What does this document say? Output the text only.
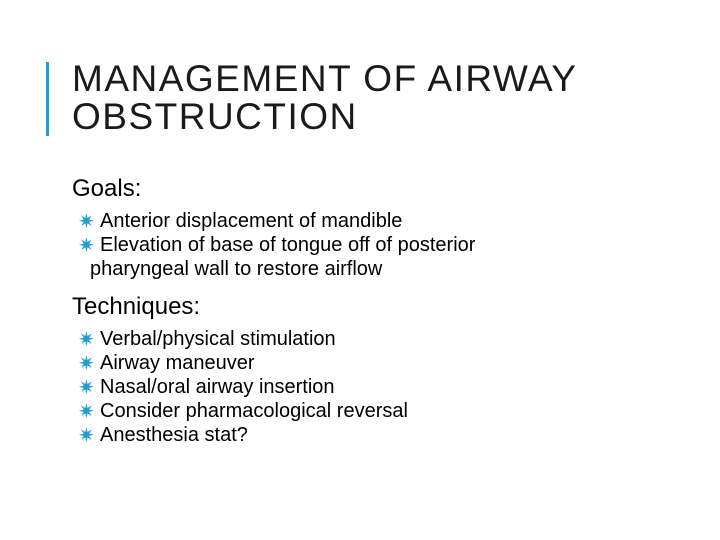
MANAGEMENT OF AIRWAY
OBSTRUCTION

Goals:

✷ Anterior displacement of mandible
✷ Elevation of base of tongue off of posterior
pharyngeal wall to restore airflow

Techniques:

✷ Verbal/physical stimulation
✷ Airway maneuver
✷ Nasal/oral airway insertion
✷ Consider pharmacological reversal
✷ Anesthesia stat?
